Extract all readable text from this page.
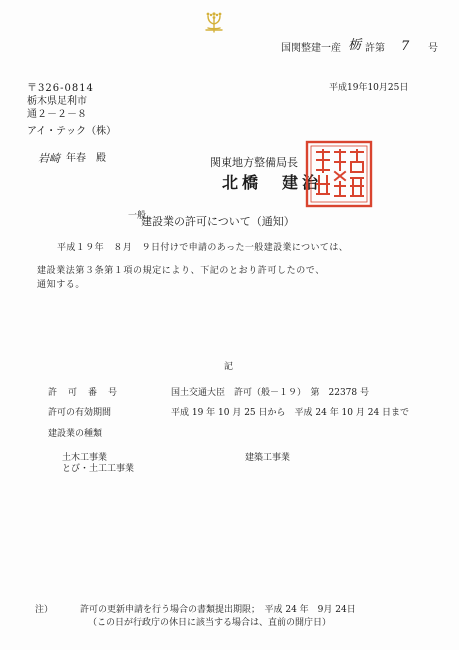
国関整建一産 栃 許第 7 号
平成19年10月25日
〒326-0814
栃木県足利市
通２－２－８
アイ・テック（株）
岩崎 年春　殿	関東地方整備局長
北橋　建治
一般
建設業の許可について（通知）
平成１９年　８月　９日付けで申請のあった一般建設業については、
建設業法第３条第１項の規定により、下記のとおり許可したので、
通知する。
記
許　可　番　号	国土交通大臣　許可（般－１９）　第　22378 号
許可の有効期間	平成 19 年 10 月 25 日から　平成 24 年 10 月 24 日まで
建設業の種類
土木工事業
とび・土工工事業
建築工事業
注）	許可の更新申請を行う場合の書類提出期限；　平成 24 年　9月 24日
（この日が行政庁の休日に該当する場合は、直前の開庁日）
